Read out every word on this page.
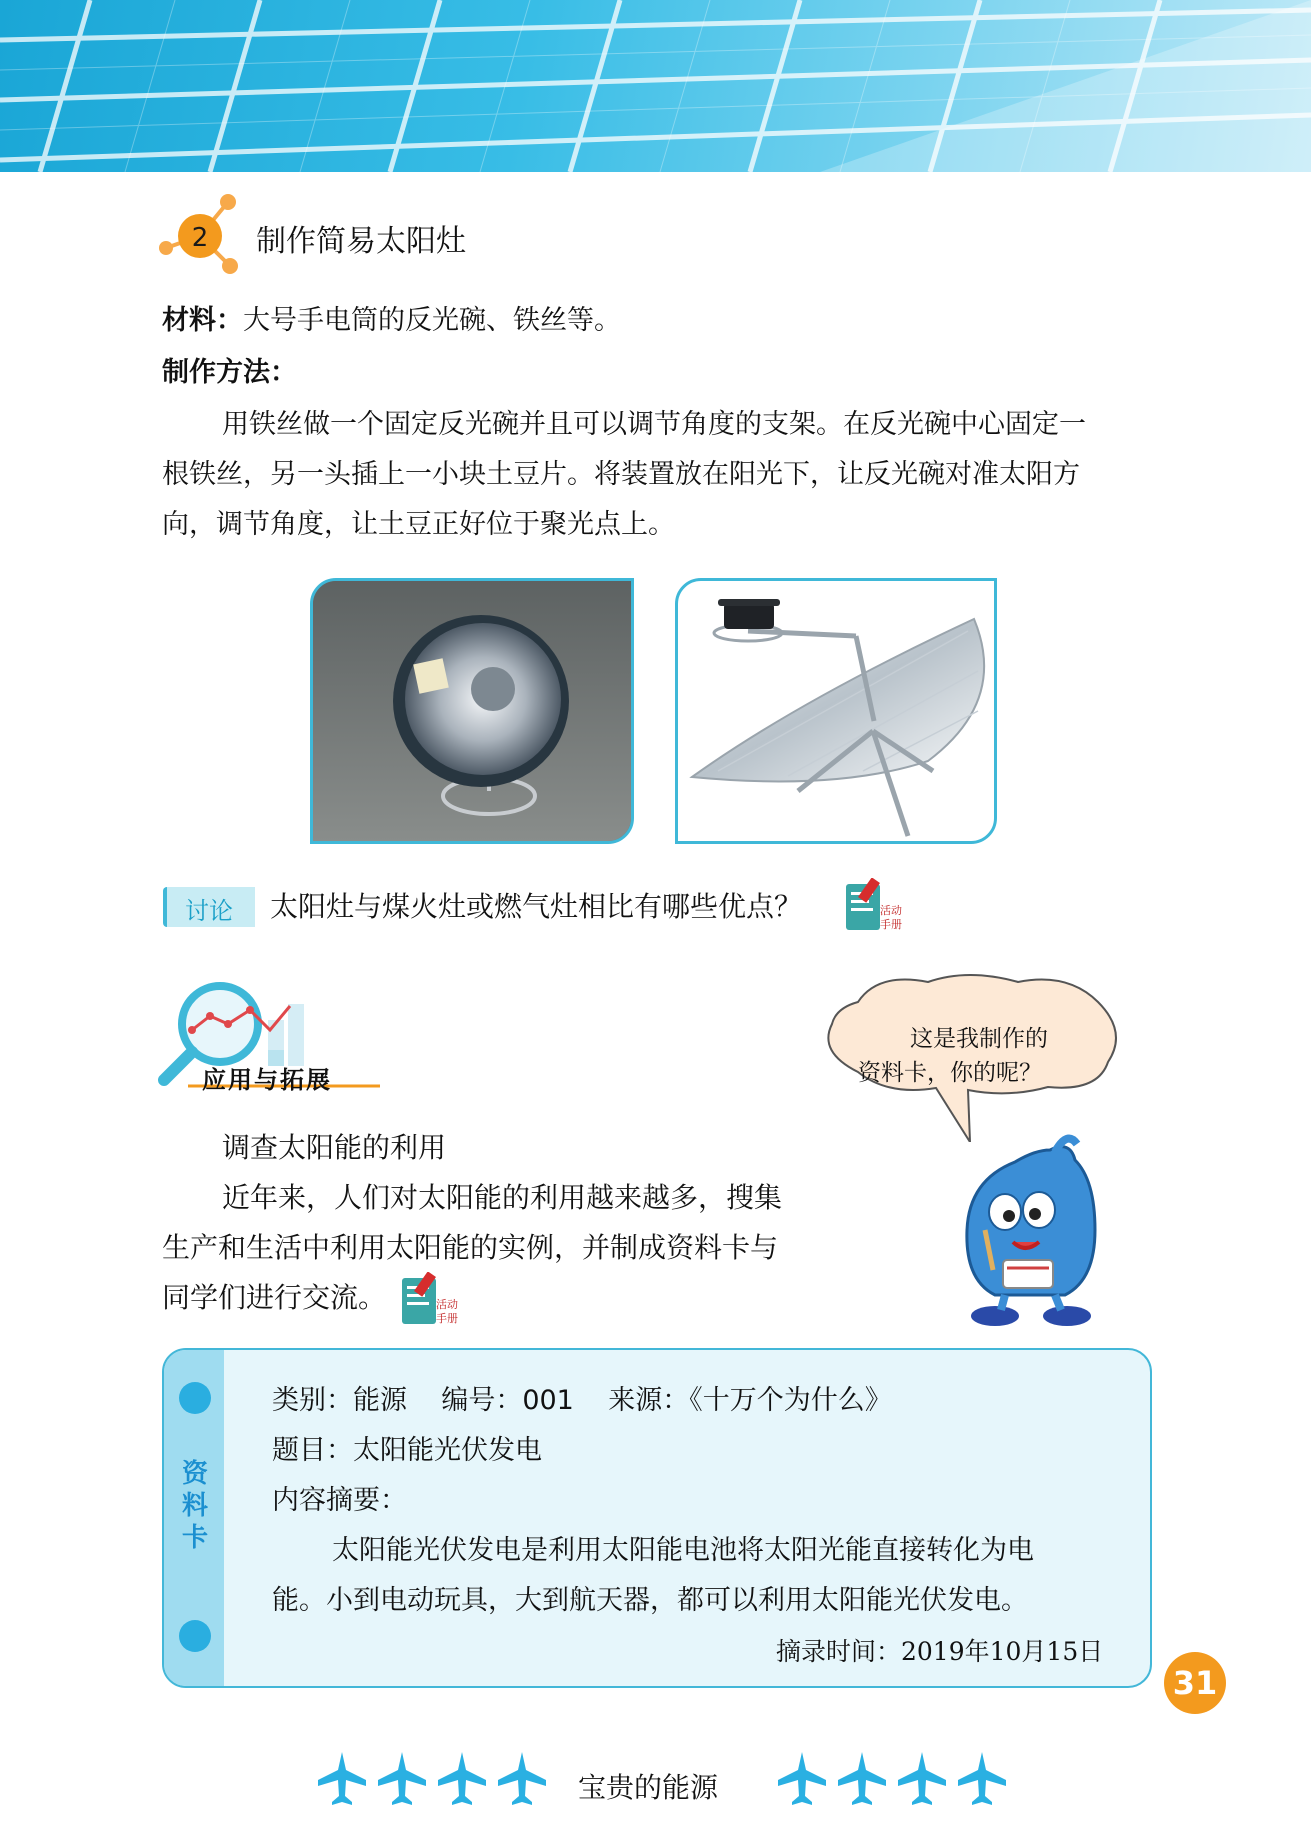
2 制作简易太阳灶
材料：大号手电筒的反光碗、铁丝等。
制作方法：
用铁丝做一个固定反光碗并且可以调节角度的支架。在反光碗中心固定一
根铁丝，另一头插上一小块土豆片。将装置放在阳光下，让反光碗对准太阳方
向，调节角度，让土豆正好位于聚光点上。
讨论 太阳灶与煤火灶或燃气灶相比有哪些优点？	活动
手册
应用与拓展
这是我制作的
资料卡，你的呢？
调查太阳能的利用
近年来，人们对太阳能的利用越来越多，搜集
生产和生活中利用太阳能的实例，并制成资料卡与
同学们进行交流。	活动
手册
资
料
卡
类别：能源    编号：001    来源：《十万个为什么》
题目：太阳能光伏发电
内容摘要：
太阳能光伏发电是利用太阳能电池将太阳光能直接转化为电
能。小到电动玩具，大到航天器，都可以利用太阳能光伏发电。
摘录时间：2019年10月15日
31
宝贵的能源
